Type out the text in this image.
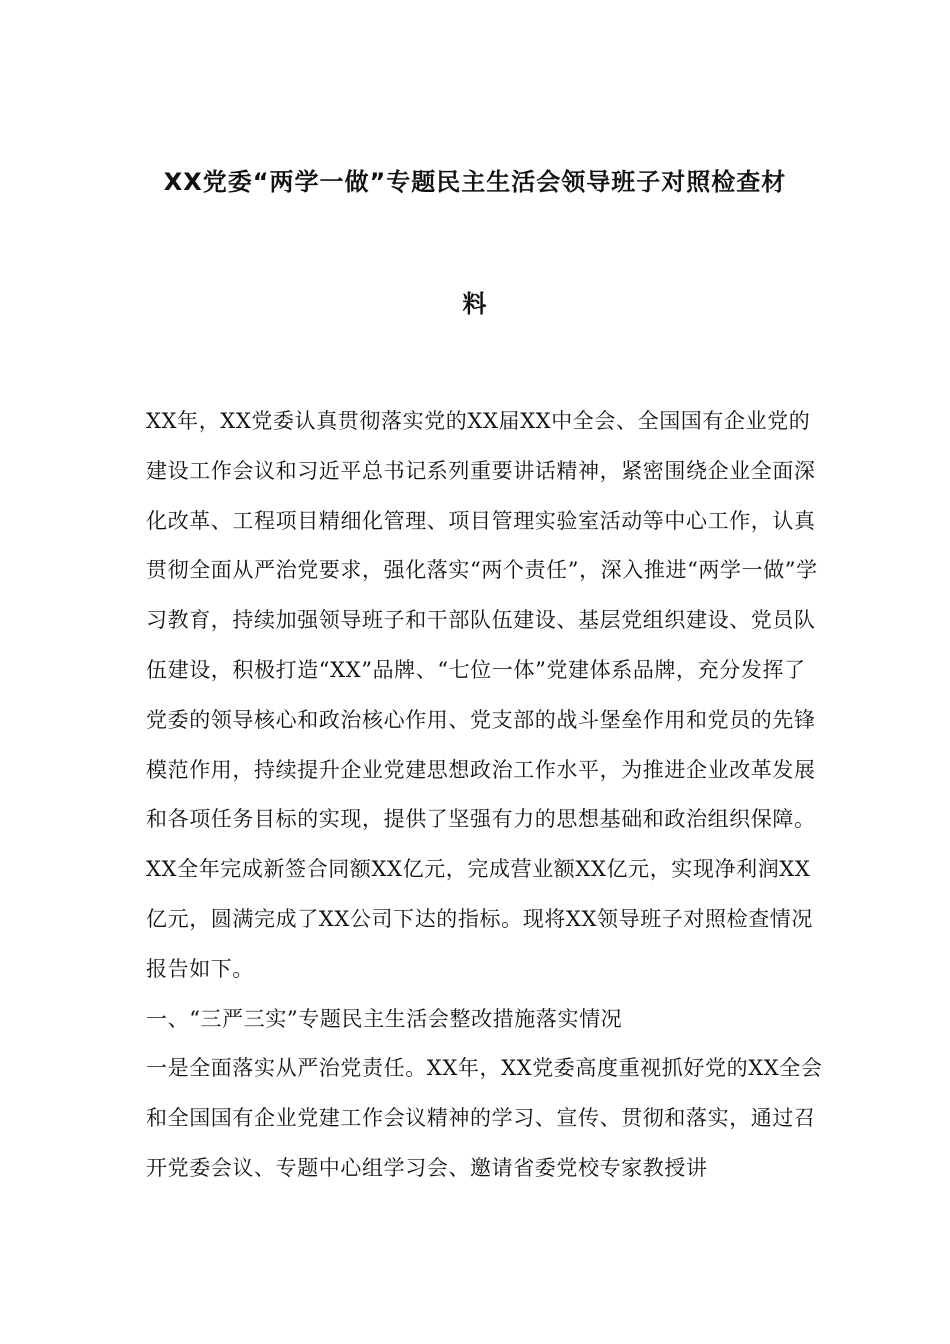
XX党委“两学一做”专题民主生活会领导班子对照检查材
料

XX年，XX党委认真贯彻落实党的XX届XX中全会、全国国有企业党的建设工作会议和习近平总书记系列重要讲话精神，紧密围绕企业全面深化改革、工程项目精细化管理、项目管理实验室活动等中心工作，认真贯彻全面从严治党要求，强化落实“两个责任”，深入推进“两学一做”学习教育，持续加强领导班子和干部队伍建设、基层党组织建设、党员队伍建设，积极打造“XX”品牌、“七位一体”党建体系品牌，充分发挥了党委的领导核心和政治核心作用、党支部的战斗堡垒作用和党员的先锋模范作用，持续提升企业党建思想政治工作水平，为推进企业改革发展和各项任务目标的实现，提供了坚强有力的思想基础和政治组织保障。XX全年完成新签合同额XX亿元，完成营业额XX亿元，实现净利润XX亿元，圆满完成了XX公司下达的指标。现将XX领导班子对照检查情况报告如下。

一、“三严三实”专题民主生活会整改措施落实情况

一是全面落实从严治党责任。XX年，XX党委高度重视抓好党的XX全会和全国国有企业党建工作会议精神的学习、宣传、贯彻和落实，通过召开党委会议、专题中心组学习会、邀请省委党校专家教授讲
